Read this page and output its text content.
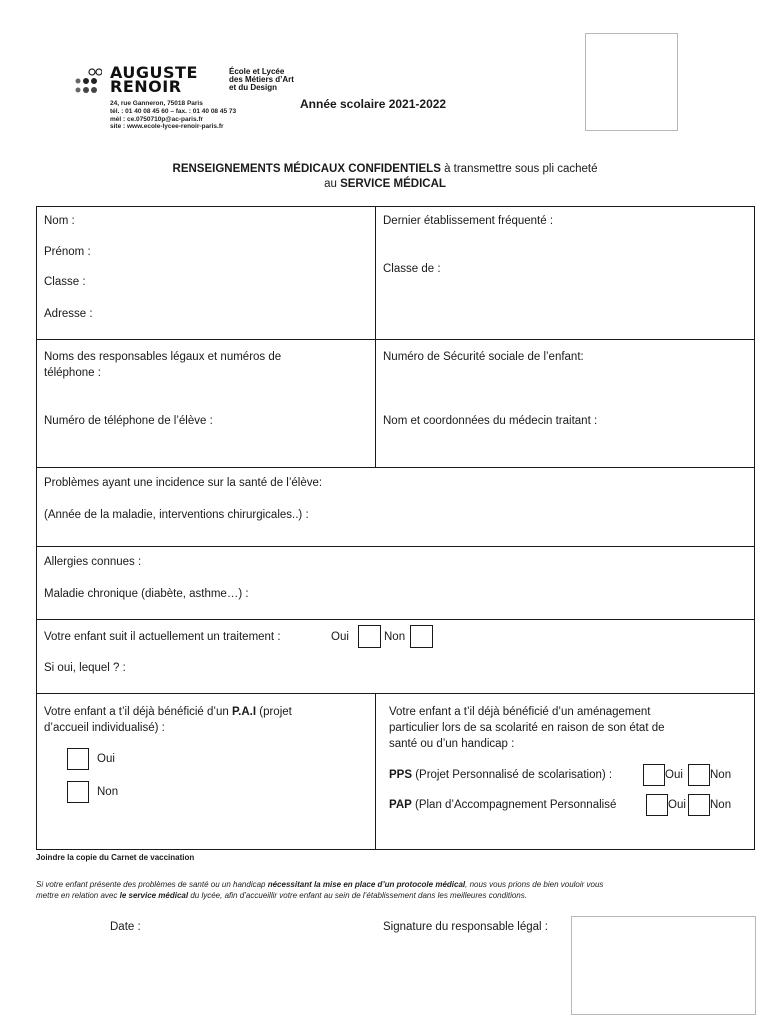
AUGUSTE
RENOIR
École et Lycée
des Métiers d’Art
et du Design
24, rue Ganneron, 75018 Paris
tél. : 01 40 08 45 60 – fax. : 01 40 08 45 73
mèl : ce.0750710p@ac-paris.fr
site : www.ecole-lycee-renoir-paris.fr
Année scolaire 2021-2022
RENSEIGNEMENTS MÉDICAUX CONFIDENTIELS à transmettre sous pli cacheté
au SERVICE MÉDICAL
Nom :
Prénom :
Classe :
Adresse :
Dernier établissement fréquenté :
Classe de :
Noms des responsables légaux et numéros de
téléphone :
Numéro de téléphone de l’élève :
Numéro de Sécurité sociale de l’enfant:
Nom et coordonnées du médecin traitant :
Problèmes ayant une incidence sur la santé de l’élève:
(Année de la maladie, interventions chirurgicales..) :
Allergies connues :
Maladie chronique (diabète, asthme…) :
Votre enfant suit il actuellement un traitement :	Oui	Non
Si oui, lequel ? :
Votre enfant a t’il déjà bénéficié d’un P.A.I (projet
d’accueil individualisé) :
Oui
Non
Votre enfant a t’il déjà bénéficié d’un aménagement
particulier lors de sa scolarité en raison de son état de
santé ou d’un handicap :
PPS (Projet Personnalisé de scolarisation) :	Oui Non
PAP (Plan d’Accompagnement Personnalisé	Oui Non
Joindre la copie du Carnet de vaccination
Si votre enfant présente des problèmes de santé ou un handicap nécessitant la mise en place d’un protocole médical, nous vous prions de bien vouloir vous
mettre en relation avec le service médical du lycée, afin d’accueillir votre enfant au sein de l’établissement dans les meilleures conditions.
Date :	Signature du responsable légal :
